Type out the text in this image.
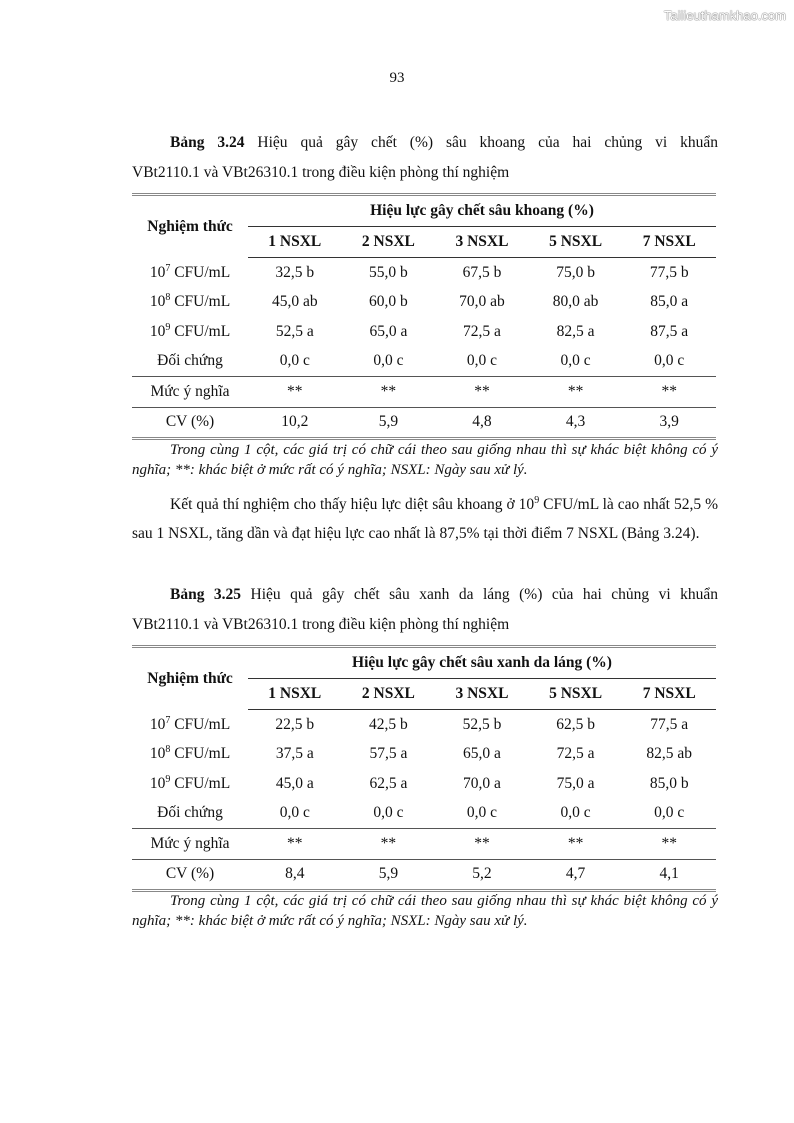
Tailieuthamkhao.com
93
Bảng 3.24 Hiệu quả gây chết (%) sâu khoang của hai chủng vi khuẩn
VBt2110.1 và VBt26310.1 trong điều kiện phòng thí nghiệm
Nghiệm thức	Hiệu lực gây chết sâu khoang (%)				
	1 NSXL	2 NSXL	3 NSXL	5 NSXL	7 NSXL
$10^7$ CFU/mL	32,5 b	55,0 b	67,5 b	75,0 b	77,5 b
$10^8$ CFU/mL	45,0 ab	60,0 b	70,0 ab	80,0 ab	85,0 a
$10^9$ CFU/mL	52,5 a	65,0 a	72,5 a	82,5 a	87,5 a
Đối chứng	0,0 c	0,0 c	0,0 c	0,0 c	0,0 c
Mức ý nghĩa	**	**	**	**	**
CV (%)	10,2	5,9	4,8	4,3	3,9
Trong cùng 1 cột, các giá trị có chữ cái theo sau giống nhau thì sự khác biệt không có ý nghĩa; **: khác biệt ở mức rất có ý nghĩa; NSXL: Ngày sau xử lý.
Kết quả thí nghiệm cho thấy hiệu lực diệt sâu khoang ở $10^9$ CFU/mL là cao nhất 52,5 % sau 1 NSXL, tăng dần và đạt hiệu lực cao nhất là 87,5% tại thời điểm 7 NSXL (Bảng 3.24).
Bảng 3.25 Hiệu quả gây chết sâu xanh da láng (%) của hai chủng vi khuẩn
VBt2110.1 và VBt26310.1 trong điều kiện phòng thí nghiệm
Nghiệm thức	Hiệu lực gây chết sâu xanh da láng (%)				
	1 NSXL	2 NSXL	3 NSXL	5 NSXL	7 NSXL
$10^7$ CFU/mL	22,5 b	42,5 b	52,5 b	62,5 b	77,5 a
$10^8$ CFU/mL	37,5 a	57,5 a	65,0 a	72,5 a	82,5 ab
$10^9$ CFU/mL	45,0 a	62,5 a	70,0 a	75,0 a	85,0 b
Đối chứng	0,0 c	0,0 c	0,0 c	0,0 c	0,0 c
Mức ý nghĩa	**	**	**	**	**
CV (%)	8,4	5,9	5,2	4,7	4,1
Trong cùng 1 cột, các giá trị có chữ cái theo sau giống nhau thì sự khác biệt không có ý nghĩa; **: khác biệt ở mức rất có ý nghĩa; NSXL: Ngày sau xử lý.
